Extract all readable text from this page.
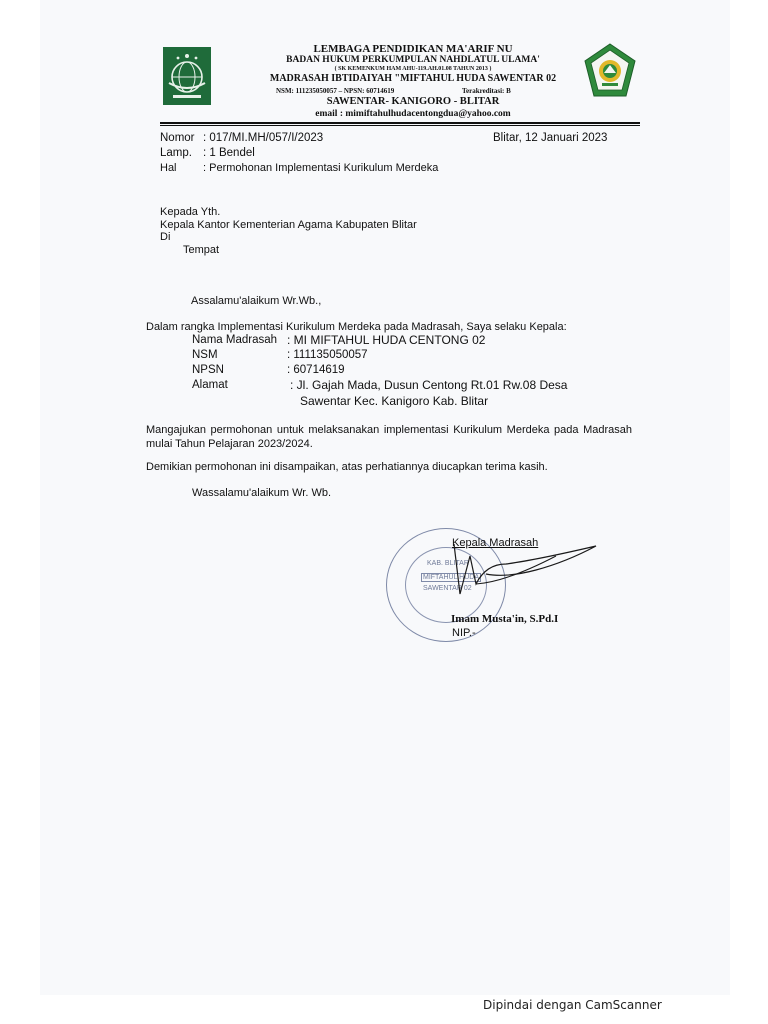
LEMBAGA PENDIDIKAN MA'ARIF NU
BADAN HUKUM PERKUMPULAN NAHDLATUL ULAMA'
( SK KEMENKUM HAM AHU-119.AH.01.08 TAHUN 2013 )
MADRASAH IBTIDAIYAH "MIFTAHUL HUDA SAWENTAR 02
NSM: 111235050057 – NPSN: 60714619	Terakreditasi: B
SAWENTAR- KANIGORO - BLITAR
email : mimiftahulhudacentongdua@yahoo.com
Nomor : 017/MI.MH/057/I/2023	Blitar, 12 Januari 2023
Lamp. : 1 Bendel
Hal : Permohonan Implementasi Kurikulum Merdeka
Kepada Yth.
Kepala Kantor Kementerian Agama Kabupaten Blitar
Di
Tempat
Assalamu'alaikum Wr.Wb.,
Dalam rangka Implementasi Kurikulum Merdeka pada Madrasah, Saya selaku Kepala:
Nama Madrasah : MI MIFTAHUL HUDA CENTONG 02
NSM	: 111135050057
NPSN	: 60714619
Alamat	: Jl. Gajah Mada, Dusun Centong Rt.01 Rw.08 Desa
Sawentar Kec. Kanigoro Kab. Blitar
Mangajukan permohonan untuk melaksanakan implementasi Kurikulum Merdeka pada Madrasah mulai Tahun Pelajaran 2023/2024.
Demikian permohonan ini disampaikan, atas perhatiannya diucapkan terima kasih.
Wassalamu'alaikum Wr. Wb.
KAB. BLITAR
MIFTAHUL HUDA
SAWENTAR 02
Kepala Madrasah
Imam Musta'in, S.Pd.I
NIP.-
Dipindai dengan CamScanner
